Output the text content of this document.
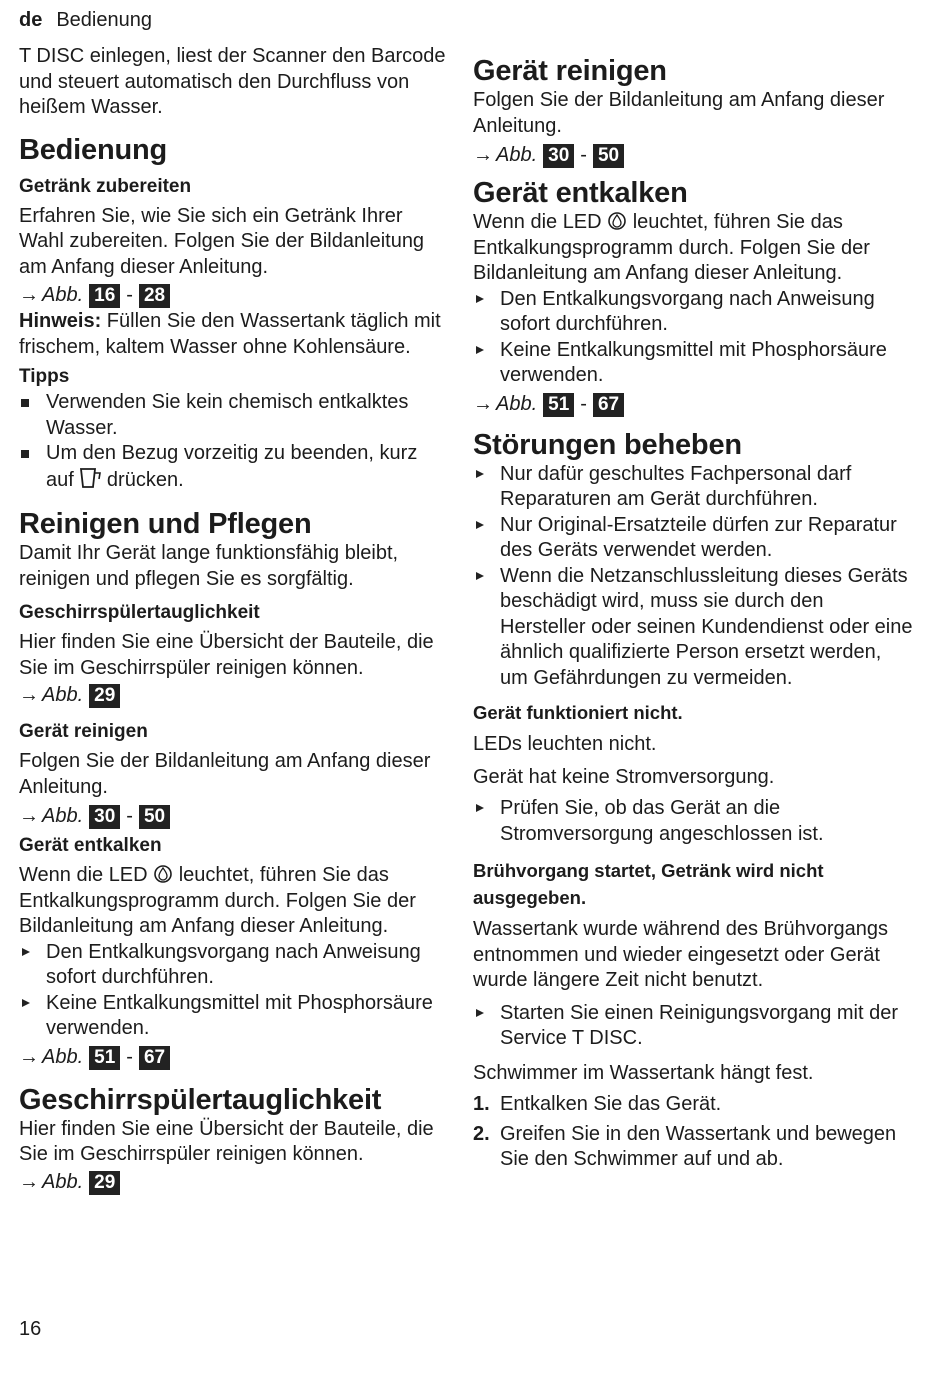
de Bedienung

T DISC einlegen, liest der Scanner den Barcode und steuert automatisch den Durchfluss von heißem Wasser.

Bedienung
Getränk zubereiten

Erfahren Sie, wie Sie sich ein Getränk Ihrer Wahl zubereiten. Folgen Sie der Bildanleitung am Anfang dieser Anleitung.

→ Abb. 16 - 28

Hinweis: Füllen Sie den Wassertank täglich mit frischem, kaltem Wasser ohne Kohlensäure.

Tipps
Verwenden Sie kein chemisch entkalktes Wasser.
Um den Bezug vorzeitig zu beenden, kurz auf  drücken.
Reinigen und Pflegen

Damit Ihr Gerät lange funktionsfähig bleibt, reinigen und pflegen Sie es sorgfältig.

Geschirrspülertauglichkeit

Hier finden Sie eine Übersicht der Bauteile, die Sie im Geschirrspüler reinigen können.

→ Abb. 29

Gerät reinigen

Folgen Sie der Bildanleitung am Anfang dieser Anleitung.

→ Abb. 30 - 50

Gerät entkalken

Wenn die LED  leuchtet, führen Sie das Entkalkungsprogramm durch. Folgen Sie der Bildanleitung am Anfang dieser Anleitung.

Den Entkalkungsvorgang nach Anweisung sofort durchführen.
Keine Entkalkungsmittel mit Phosphorsäure verwenden.

→ Abb. 51 - 67

Geschirrspülertauglichkeit

Hier finden Sie eine Übersicht der Bauteile, die Sie im Geschirrspüler reinigen können.

→ Abb. 29

Gerät reinigen

Folgen Sie der Bildanleitung am Anfang dieser Anleitung.

→ Abb. 30 - 50

Gerät entkalken

Wenn die LED  leuchtet, führen Sie das Entkalkungsprogramm durch. Folgen Sie der Bildanleitung am Anfang dieser Anleitung.

Den Entkalkungsvorgang nach Anweisung sofort durchführen.
Keine Entkalkungsmittel mit Phosphorsäure verwenden.

→ Abb. 51 - 67

Störungen beheben
Nur dafür geschultes Fachpersonal darf Reparaturen am Gerät durchführen.
Nur Original-Ersatzteile dürfen zur Reparatur des Geräts verwendet werden.
Wenn die Netzanschlussleitung dieses Geräts beschädigt wird, muss sie durch den Hersteller oder seinen Kundendienst oder eine ähnlich qualifizierte Person ersetzt werden, um Gefährdungen zu vermeiden.

Gerät funktioniert nicht.

LEDs leuchten nicht.

Gerät hat keine Stromversorgung.

Prüfen Sie, ob das Gerät an die Stromversorgung angeschlossen ist.

Brühvorgang startet, Getränk wird nicht ausgegeben.

Wassertank wurde während des Brühvorgangs entnommen und wieder eingesetzt oder Gerät wurde längere Zeit nicht benutzt.

Starten Sie einen Reinigungsvorgang mit der Service T DISC.

Schwimmer im Wassertank hängt fest.

1. Entkalken Sie das Gerät.
2. Greifen Sie in den Wassertank und bewegen Sie den Schwimmer auf und ab.
16
